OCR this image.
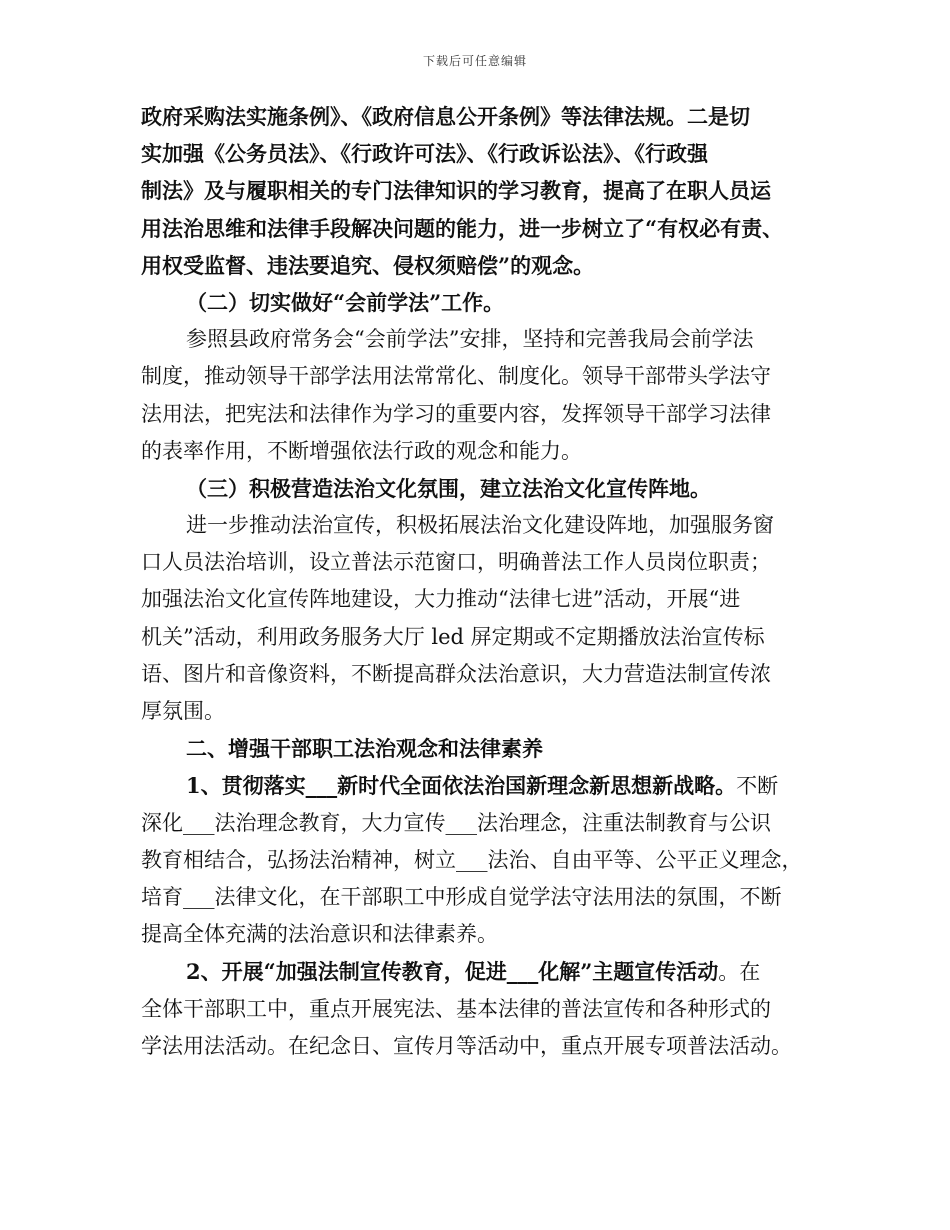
下载后可任意编辑
政府采购法实施条例》、《政府信息公开条例》等法律法规。二是切
实加强《公务员法》、《行政许可法》、《行政诉讼法》、《行政强
制法》及与履职相关的专门法律知识的学习教育，提高了在职人员运
用法治思维和法律手段解决问题的能力，进一步树立了“有权必有责、
用权受监督、违法要追究、侵权须赔偿”的观念。
（二）切实做好“会前学法”工作。
参照县政府常务会“会前学法”安排，坚持和完善我局会前学法
制度，推动领导干部学法用法常常化、制度化。领导干部带头学法守
法用法，把宪法和法律作为学习的重要内容，发挥领导干部学习法律
的表率作用，不断增强依法行政的观念和能力。
（三）积极营造法治文化氛围，建立法治文化宣传阵地。
进一步推动法治宣传，积极拓展法治文化建设阵地，加强服务窗
口人员法治培训，设立普法示范窗口，明确普法工作人员岗位职责；
加强法治文化宣传阵地建设，大力推动“法律七进”活动，开展“进
机关”活动，利用政务服务大厅 led 屏定期或不定期播放法治宣传标
语、图片和音像资料，不断提高群众法治意识，大力营造法制宣传浓
厚氛围。
二、增强干部职工法治观念和法律素养
1、贯彻落实___新时代全面依法治国新理念新思想新战略。不断
深化___法治理念教育，大力宣传___法治理念，注重法制教育与公识
教育相结合，弘扬法治精神，树立___法治、自由平等、公平正义理念，
培育___法律文化，在干部职工中形成自觉学法守法用法的氛围，不断
提高全体充满的法治意识和法律素养。
2、开展“加强法制宣传教育，促进___化解”主题宣传活动。在
全体干部职工中，重点开展宪法、基本法律的普法宣传和各种形式的
学法用法活动。在纪念日、宣传月等活动中，重点开展专项普法活动。
